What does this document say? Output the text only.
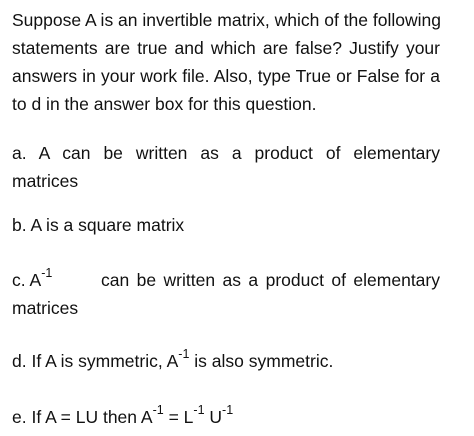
Suppose A is an invertible matrix, which of the following
statements are true and which are false? Justify your
answers in your work file. Also, type True or False for a
to d in the answer box for this question.
a. A can be written as a product of elementary
matrices
b. A is a square matrix
c. $A^{-1}$	can be written as a product of elementary
matrices
d. If A is symmetric, $A^{-1}$ is also symmetric.
e. If A = LU then $A^{-1} = L^{-1}$ $U^{-1}$
